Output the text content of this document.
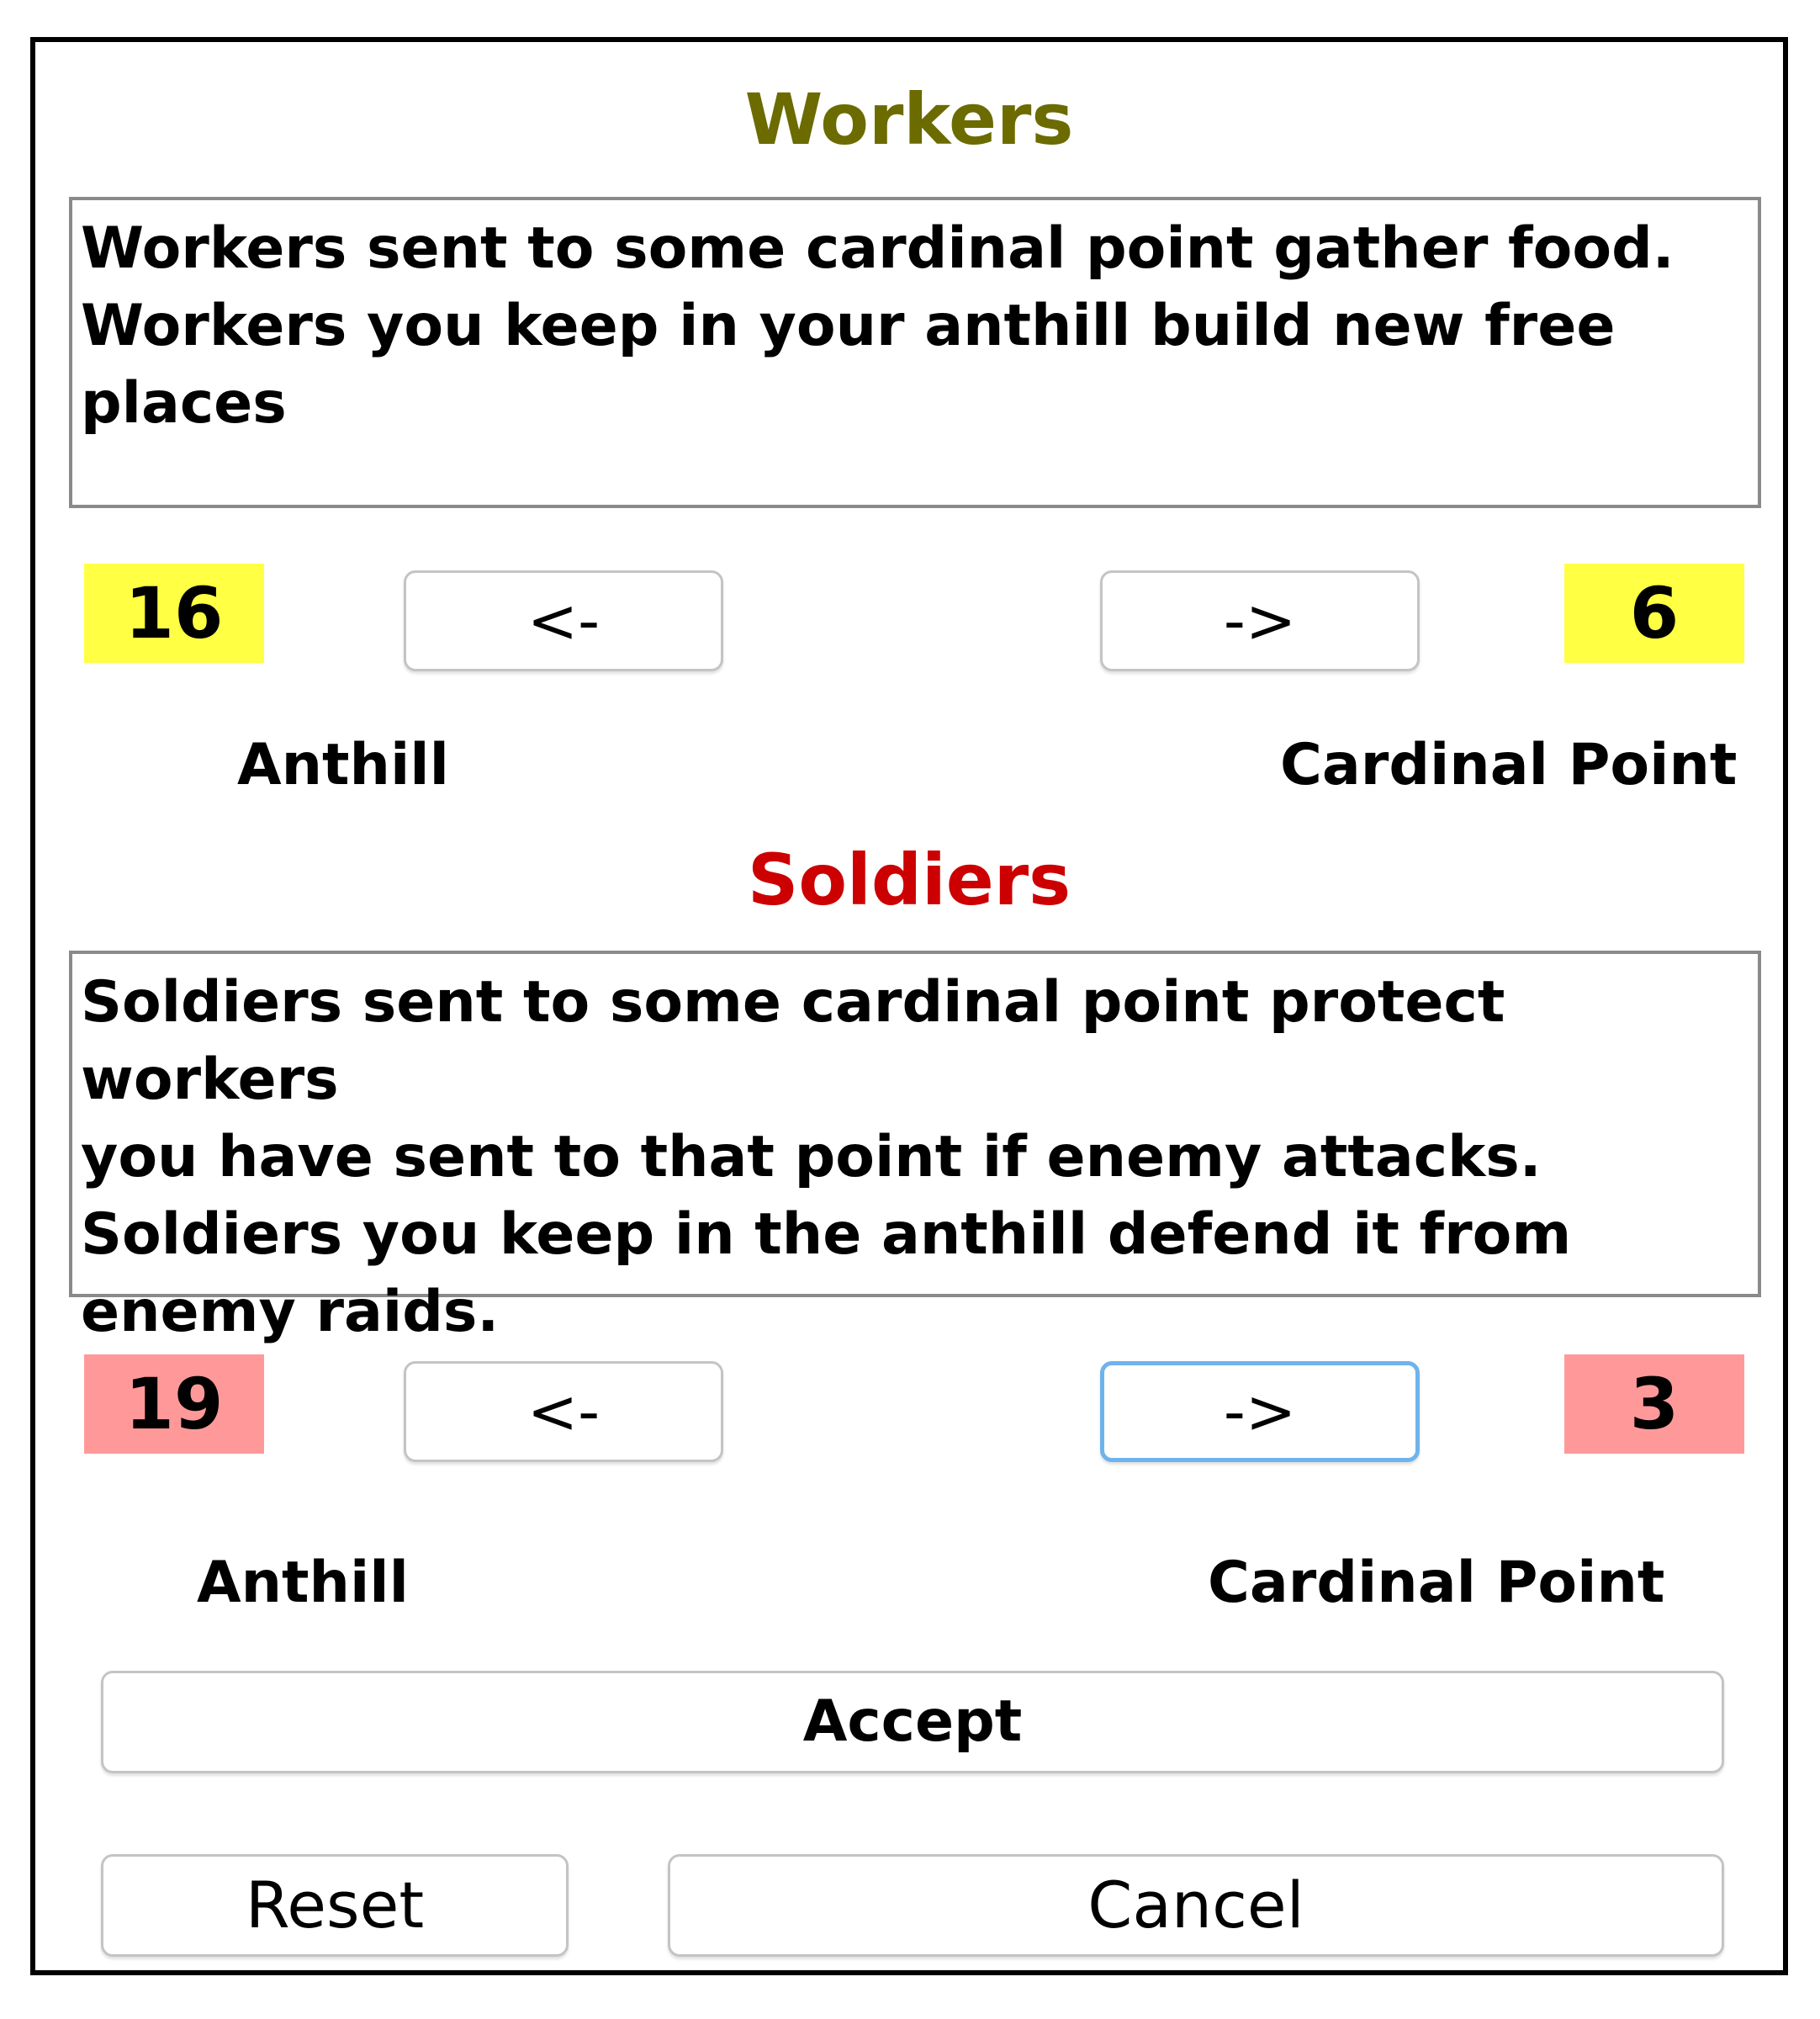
Workers
Workers sent to some cardinal point gather food.
Workers you keep in your anthill build new free
places
16	<-	->	6
Anthill	Cardinal Point
Soldiers
Soldiers sent to some cardinal point protect workers
you have sent to that point if enemy attacks.
Soldiers you keep in the anthill defend it from
enemy raids.
19	<-	->	3
Anthill	Cardinal Point
Accept
Reset	Cancel
